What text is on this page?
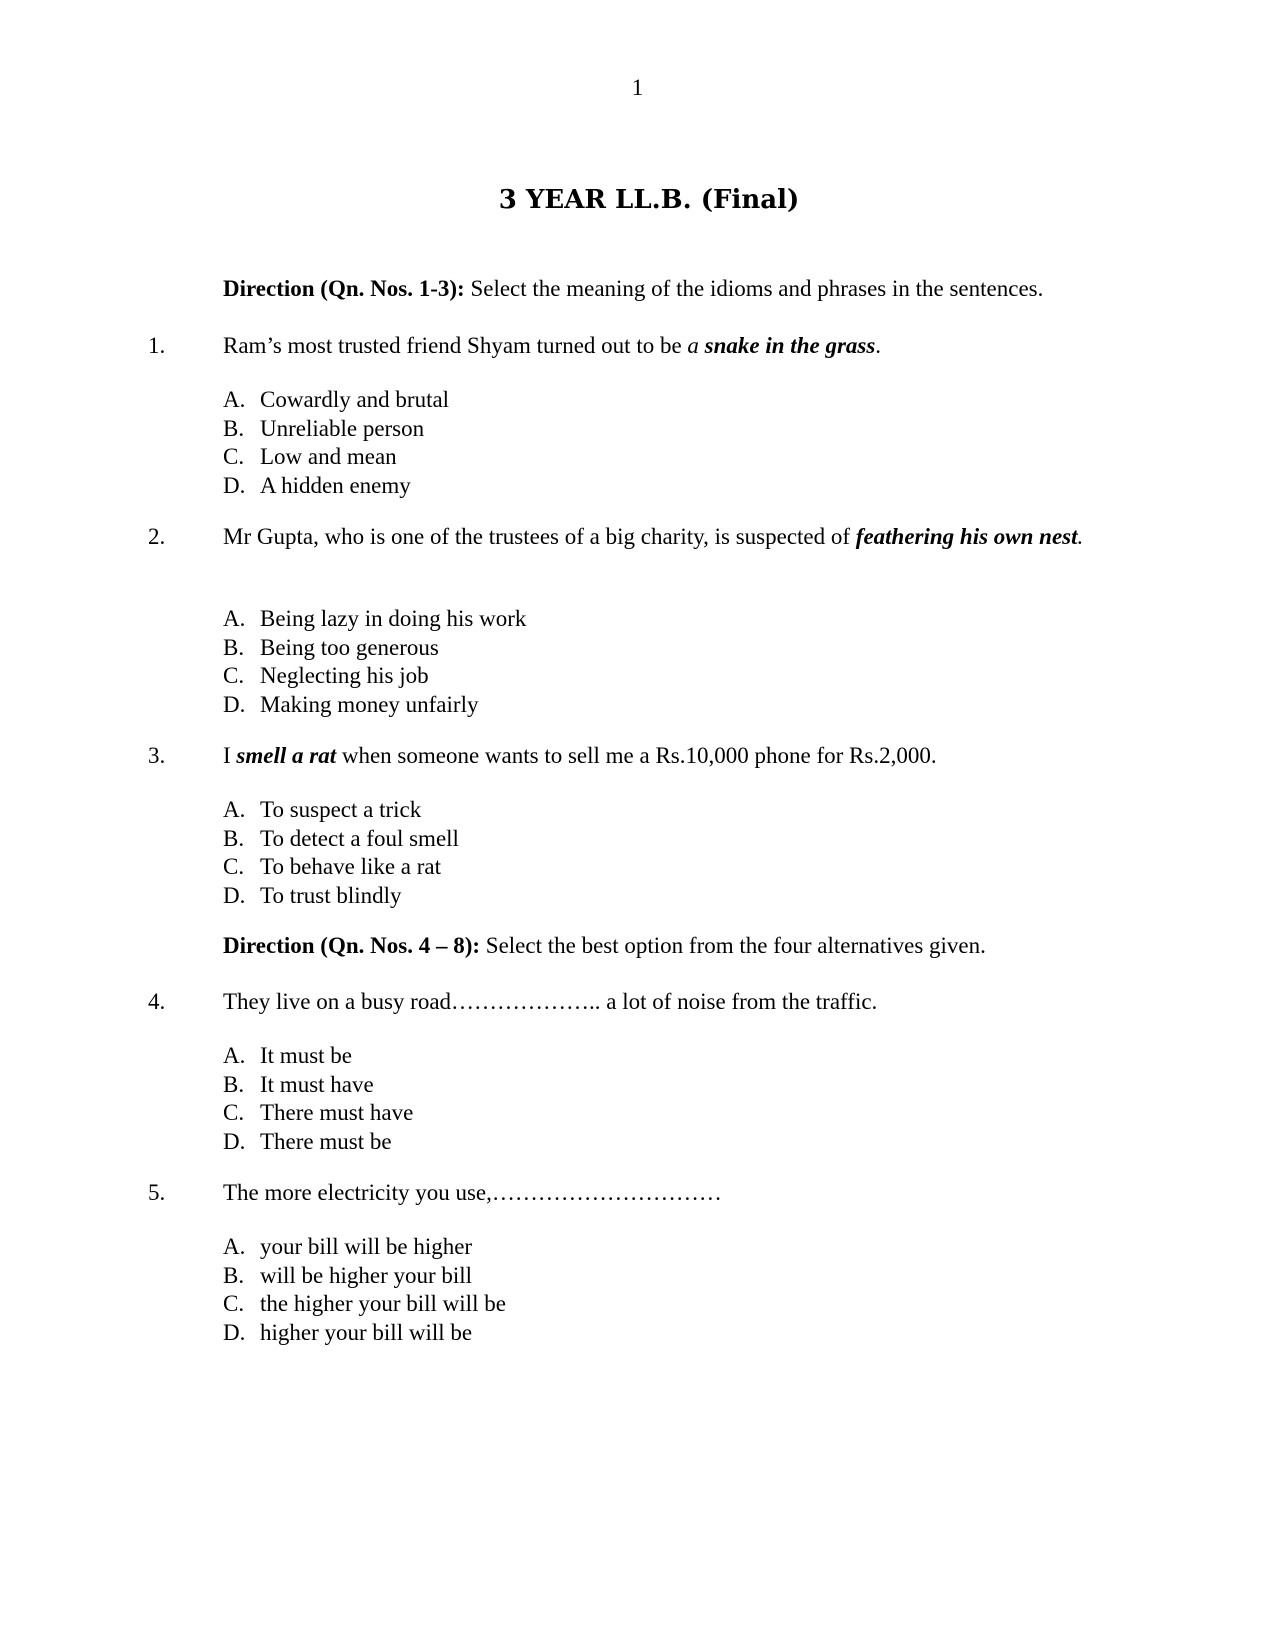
1
3 YEAR LL.B. (Final)
Direction (Qn. Nos. 1-3): Select the meaning of the idioms and phrases in the sentences.
1.	Ram’s most trusted friend Shyam turned out to be a snake in the grass.
A. Cowardly and brutal
B. Unreliable person
C. Low and mean
D. A hidden enemy
2.	Mr Gupta, who is one of the trustees of a big charity, is suspected of feathering his own nest.
A. Being lazy in doing his work
B. Being too generous
C. Neglecting his job
D. Making money unfairly
3.	I smell a rat when someone wants to sell me a Rs.10,000 phone for Rs.2,000.
A. To suspect a trick
B. To detect a foul smell
C. To behave like a rat
D. To trust blindly
Direction (Qn. Nos. 4 – 8): Select the best option from the four alternatives given.
4.	They live on a busy road……………….. a lot of noise from the traffic.
A. It must be
B. It must have
C. There must have
D. There must be
5.	The more electricity you use,…………………………
A. your bill will be higher
B. will be higher your bill
C. the higher your bill will be
D. higher your bill will be
